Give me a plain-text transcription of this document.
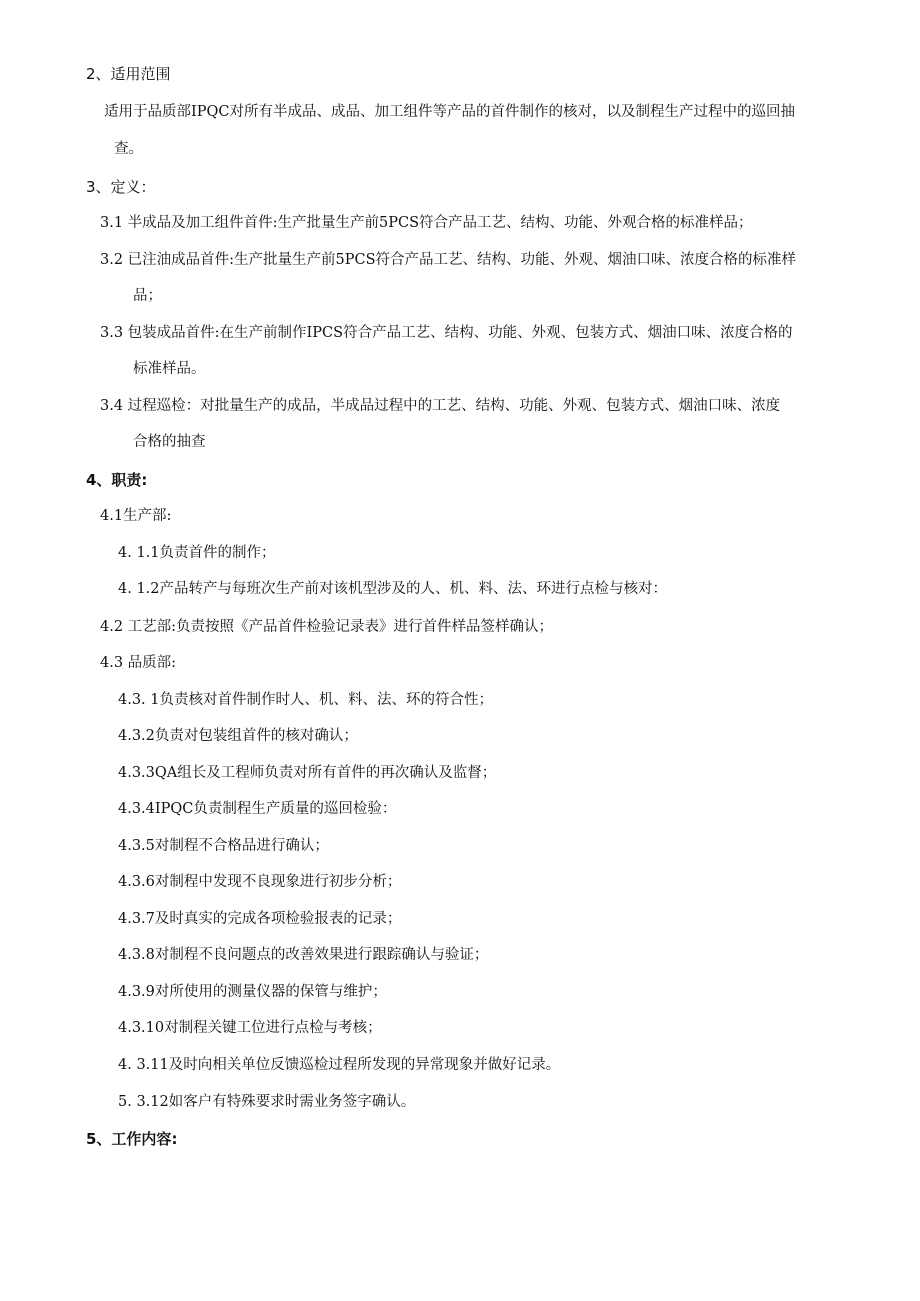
2、适用范围
适用于品质部IPQC对所有半成品、成品、加工组件等产品的首件制作的核对，以及制程生产过程中的巡回抽
查。
3、定义：
3.1 半成品及加工组件首件:生产批量生产前5PCS符合产品工艺、结构、功能、外观合格的标准样品；
3.2 已注油成品首件:生产批量生产前5PCS符合产品工艺、结构、功能、外观、烟油口味、浓度合格的标准样
品；
3.3 包装成品首件:在生产前制作IPCS符合产品工艺、结构、功能、外观、包装方式、烟油口味、浓度合格的
标准样品。
3.4 过程巡检：对批量生产的成品，半成品过程中的工艺、结构、功能、外观、包装方式、烟油口味、浓度
合格的抽查
4、职责:
4.1生产部:
4. 1.1负责首件的制作；
4. 1.2产品转产与每班次生产前对该机型涉及的人、机、料、法、环进行点检与核对：
4.2 工艺部:负责按照《产品首件检验记录表》进行首件样品签样确认；
4.3 品质部:
4.3. 1负责核对首件制作时人、机、料、法、环的符合性；
4.3.2负责对包装组首件的核对确认；
4.3.3QA组长及工程师负责对所有首件的再次确认及监督；
4.3.4IPQC负责制程生产质量的巡回检验：
4.3.5对制程不合格品进行确认；
4.3.6对制程中发现不良现象进行初步分析；
4.3.7及时真实的完成各项检验报表的记录；
4.3.8对制程不良问题点的改善效果进行跟踪确认与验证；
4.3.9对所使用的测量仪器的保管与维护；
4.3.10对制程关键工位进行点检与考核；
4. 3.11及时向相关单位反馈巡检过程所发现的异常现象并做好记录。
5. 3.12如客户有特殊要求时需业务签字确认。
5、工作内容:
